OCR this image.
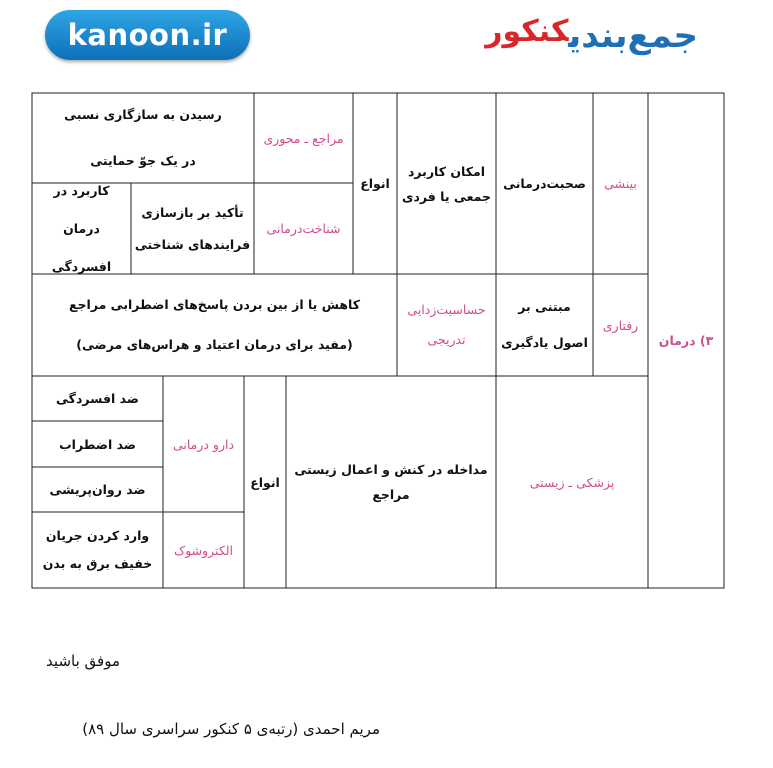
kanoon.ir	جمع‌بندیکنکور
۳) درمان
بینشی
صحبت‌درمانی
امکان کاربرد
جمعی یا فردی
انواع
مراجع ـ محوری
رسیدن به سازگاری نسبی
در یک جوّ حمایتی
شناخت‌درمانی
تأکید بر بازسازی
فرایندهای شناختی
کاربرد در
درمان افسردگی
رفتاری
مبتنی بر
اصول یادگیری
حساسیت‌زدایی
تدریجی
کاهش یا از بین بردن پاسخ‌های اضطرابی مراجع
(مفید برای درمان اعتیاد و هراس‌های مرضی)
پزشکی ـ زیستی
مداخله در کنش و اعمال زیستی مراجع
انواع
دارو درمانی
ضد افسردگی
ضد اضطراب
ضد روان‌پریشی
الکتروشوک
وارد کردن جریان
خفیف برق به بدن
موفق باشید
مریم احمدی (رتبه‌ی ۵ کنکور سراسری سال ۸۹)
